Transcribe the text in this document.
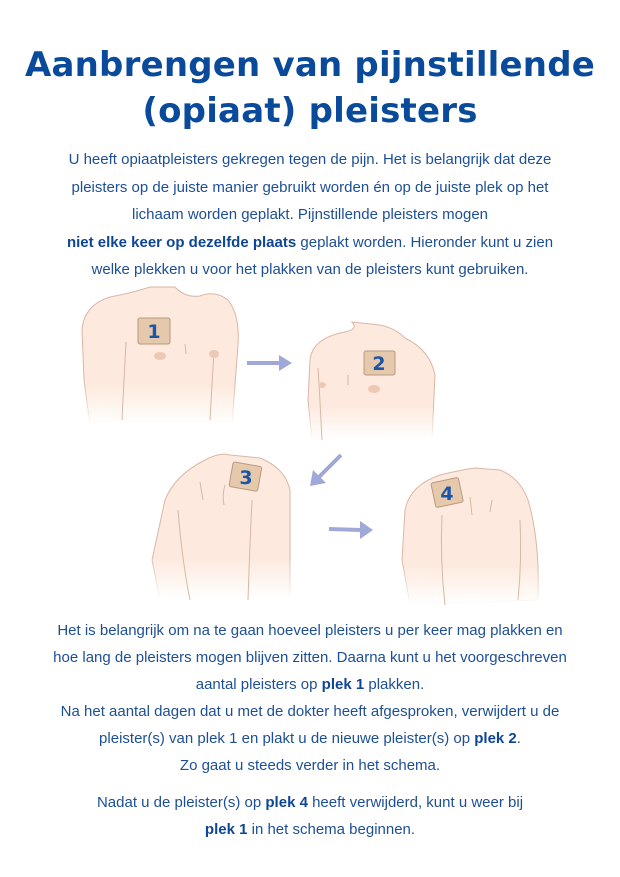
Aanbrengen van pijnstillende
(opiaat) pleisters
U heeft opiaatpleisters gekregen tegen de pijn. Het is belangrijk dat deze
pleisters op de juiste manier gebruikt worden én op de juiste plek op het
lichaam worden geplakt. Pijnstillende pleisters mogen
niet elke keer op dezelfde plaats geplakt worden. Hieronder kunt u zien
welke plekken u voor het plakken van de pleisters kunt gebruiken.
1
2
3
4
Het is belangrijk om na te gaan hoeveel pleisters u per keer mag plakken en
hoe lang de pleisters mogen blijven zitten. Daarna kunt u het voorgeschreven
aantal pleisters op plek 1 plakken.
Na het aantal dagen dat u met de dokter heeft afgesproken, verwijdert u de
pleister(s) van plek 1 en plakt u de nieuwe pleister(s) op plek 2.
Zo gaat u steeds verder in het schema.
Nadat u de pleister(s) op plek 4 heeft verwijderd, kunt u weer bij
plek 1 in het schema beginnen.
